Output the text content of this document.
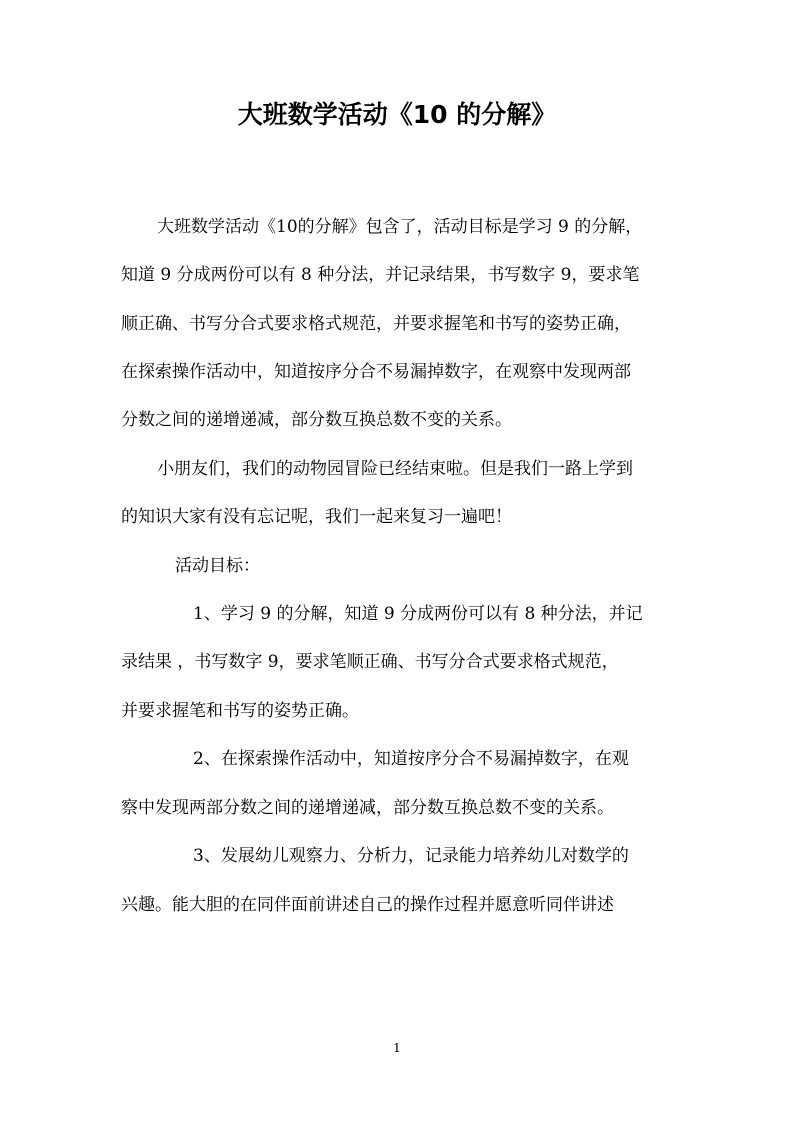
大班数学活动《10 的分解》

大班数学活动《10的分解》包含了，活动目标是学习 9 的分解，

知道 9 分成两份可以有 8 种分法，并记录结果，书写数字 9，要求笔

顺正确、书写分合式要求格式规范，并要求握笔和书写的姿势正确，

在探索操作活动中，知道按序分合不易漏掉数字，在观察中发现两部

分数之间的递增递减，部分数互换总数不变的关系。

小朋友们，我们的动物园冒险已经结束啦。但是我们一路上学到

的知识大家有没有忘记呢，我们一起来复习一遍吧！

活动目标：

1、学习 9 的分解，知道 9 分成两份可以有 8 种分法，并记

录结果 ，书写数字 9，要求笔顺正确、书写分合式要求格式规范，

并要求握笔和书写的姿势正确。

2、在探索操作活动中，知道按序分合不易漏掉数字，在观

察中发现两部分数之间的递增递减，部分数互换总数不变的关系。

3、发展幼儿观察力、分析力，记录能力培养幼儿对数学的

兴趣。能大胆的在同伴面前讲述自己的操作过程并愿意听同伴讲述

1
